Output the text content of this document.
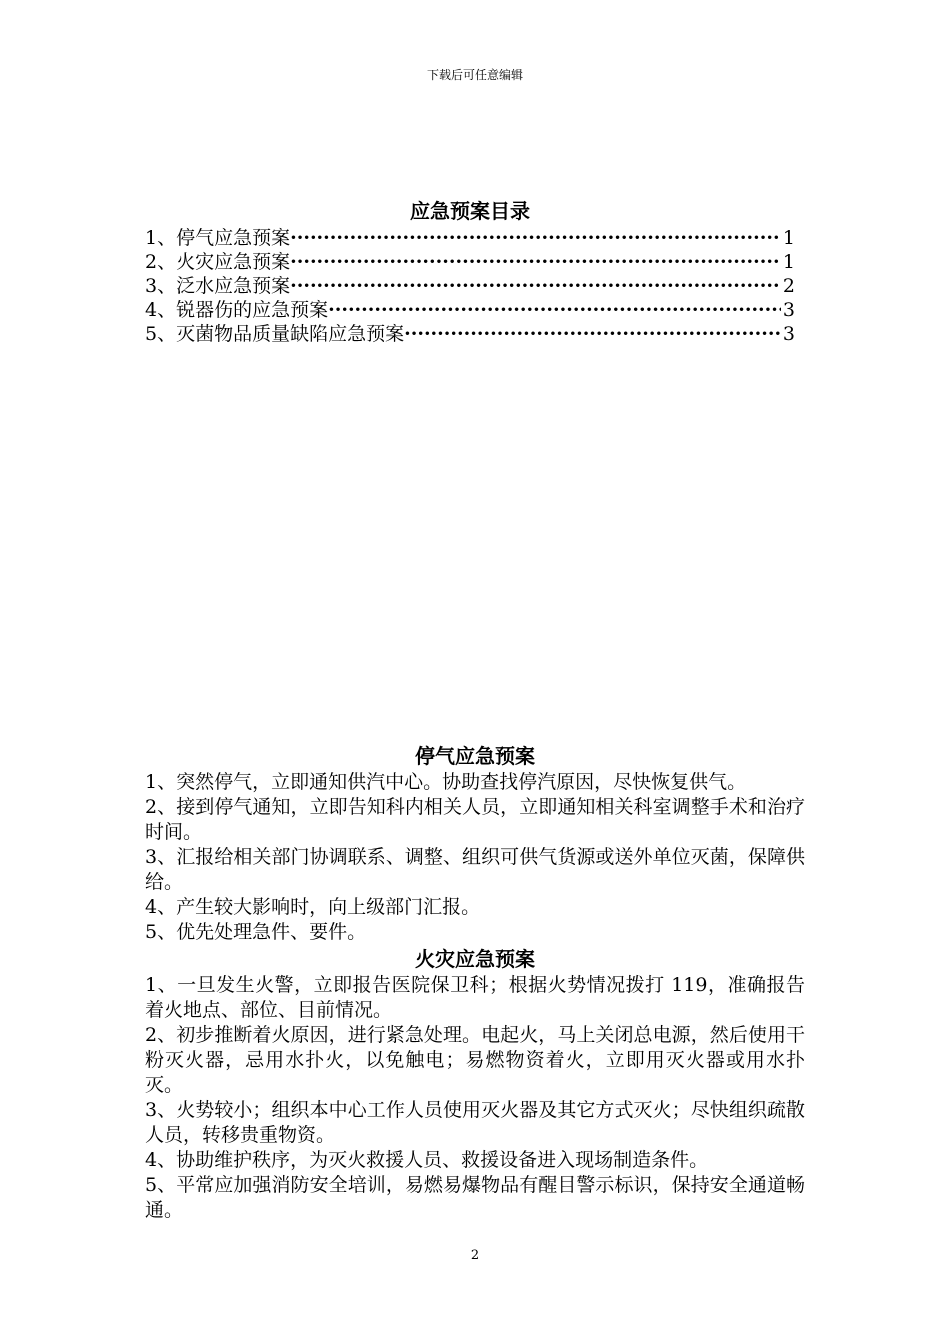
下载后可任意编辑
应急预案目录
1、停气应急预案 ·····	1
2、火灾应急预案 ·····	1
3、泛水应急预案 ·····	2
4、锐器伤的应急预案 ·····	3
5、灭菌物品质量缺陷应急预案 ·····	3
停气应急预案

1、突然停气，立即通知供汽中心。协助查找停汽原因，尽快恢复供气。

2、接到停气通知，立即告知科内相关人员，立即通知相关科室调整手术和治疗时间。

3、汇报给相关部门协调联系、调整、组织可供气货源或送外单位灭菌，保障供给。

4、产生较大影响时，向上级部门汇报。

5、优先处理急件、要件。

火灾应急预案

1、一旦发生火警，立即报告医院保卫科；根据火势情况拨打 119，准确报告着火地点、部位、目前情况。

2、初步推断着火原因，进行紧急处理。电起火，马上关闭总电源，然后使用干粉灭火器，忌用水扑火，以免触电；易燃物资着火，立即用灭火器或用水扑灭。

3、火势较小；组织本中心工作人员使用灭火器及其它方式灭火；尽快组织疏散人员，转移贵重物资。

4、协助维护秩序，为灭火救援人员、救援设备进入现场制造条件。

5、平常应加强消防安全培训，易燃易爆物品有醒目警示标识，保持安全通道畅通。

2
